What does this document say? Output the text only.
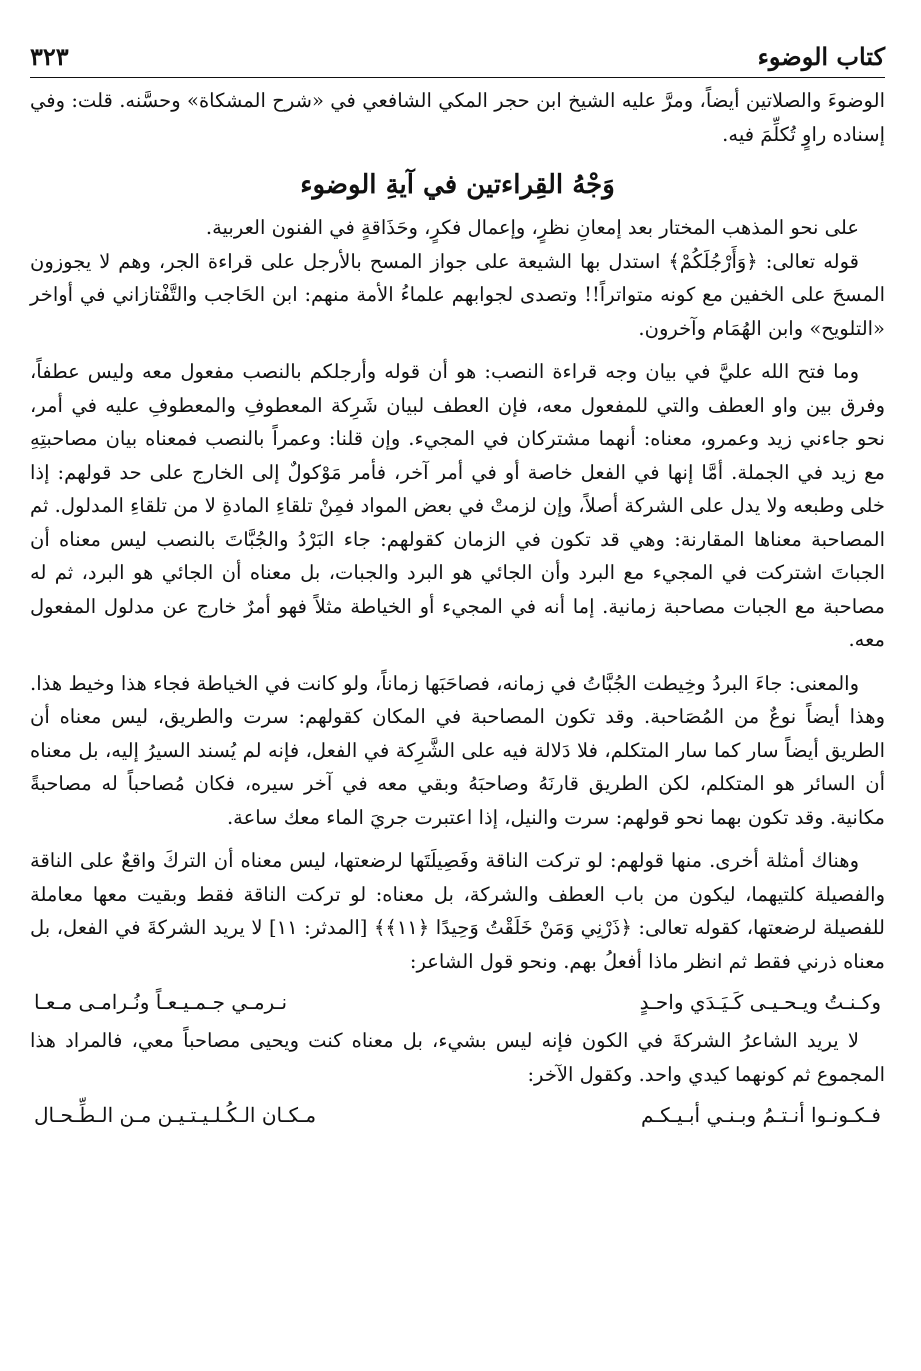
كتاب الوضوء
٣٢٣

الوضوءَ والصلاتين أيضاً، ومرَّ عليه الشيخ ابن حجر المكي الشافعي في «شرح المشكاة» وحسَّنه. قلت: وفي إسناده راوٍ تُكلِّمَ فيه.

وَجْهُ القِراءتين في آيةِ الوضوء

على نحو المذهب المختار بعد إمعانِ نظرٍ، وإعمال فكرٍ، وحَذَاقةٍ في الفنون العربية.

قوله تعالى: ﴿وَأَرْجُلَكُمْ﴾ استدل بها الشيعة على جواز المسح بالأرجل على قراءة الجر، وهم لا يجوزون المسحَ على الخفين مع كونه متواتراً!! وتصدى لجوابهم علماءُ الأمة منهم: ابن الحَاجب والتَّفْتازاني في أواخر «التلويح» وابن الهُمَام وآخرون.

وما فتح الله عليَّ في بيان وجه قراءة النصب: هو أن قوله وأرجلكم بالنصب مفعول معه وليس عطفاً، وفرق بين واو العطف والتي للمفعول معه، فإن العطف لبيان شَرِكة المعطوفِ والمعطوفِ عليه في أمر، نحو جاءني زيد وعمرو، معناه: أنهما مشتركان في المجيء. وإن قلنا: وعمراً بالنصب فمعناه بيان مصاحبتِهِ مع زيد في الجملة. أمَّا إنها في الفعل خاصة أو في أمر آخر، فأمر مَوْكولٌ إلى الخارج على حد قولهم: إذا خلى وطبعه ولا يدل على الشركة أصلاً، وإن لزمتْ في بعض المواد فمِنْ تلقاءِ المادةِ لا من تلقاءِ المدلول. ثم المصاحبة معناها المقارنة: وهي قد تكون في الزمان كقولهم: جاء البَرْدُ والجُبَّاتَ بالنصب ليس معناه أن الجباتَ اشتركت في المجيء مع البرد وأن الجائي هو البرد والجبات، بل معناه أن الجائي هو البرد، ثم له مصاحبة مع الجبات مصاحبة زمانية. إما أنه في المجيء أو الخياطة مثلاً فهو أمرٌ خارج عن مدلول المفعول معه.

والمعنى: جاءَ البردُ وخِيطت الجُبَّاتُ في زمانه، فصاحَبَها زماناً، ولو كانت في الخياطة فجاء هذا وخيط هذا. وهذا أيضاً نوعٌ من المُصَاحبة. وقد تكون المصاحبة في المكان كقولهم: سرت والطريق، ليس معناه أن الطريق أيضاً سار كما سار المتكلم، فلا دَلالة فيه على الشَّرِكة في الفعل، فإنه لم يُسند السيرُ إليه، بل معناه أن السائر هو المتكلم، لكن الطريق قارنَهُ وصاحبَهُ وبقي معه في آخر سيره، فكان مُصاحباً له مصاحبةً مكانية. وقد تكون بهما نحو قولهم: سرت والنيل، إذا اعتبرت جريَ الماء معك ساعة.

وهناك أمثلة أخرى. منها قولهم: لو تركت الناقة وفَصِيلَتَها لرضعتها، ليس معناه أن التركَ واقعٌ على الناقة والفصيلة كلتيهما، ليكون من باب العطف والشركة، بل معناه: لو تركت الناقة فقط وبقيت معها معاملة للفصيلة لرضعتها، كقوله تعالى: ﴿ذَرْنِي وَمَنْ خَلَقْتُ وَحِيدًا ﴿١١﴾﴾ [المدثر: ١١] لا يريد الشركةَ في الفعل، بل معناه ذرني فقط ثم انظر ماذا أفعلُ بهم. ونحو قول الشاعر:

وكـنـتُ ويـحـيـى كَـيَـدَي واحـدٍ
نـرمـي جـمـيـعـاً ونُـرامـى مـعـا

لا يريد الشاعرُ الشركةَ في الكون فإنه ليس بشيء، بل معناه كنت ويحيى مصاحباً معي، فالمراد هذا المجموع ثم كونهما كيدي واحد. وكقول الآخر:

فـكـونـوا أنـتـمُ وبـنـي أبـيـكـم
مـكـان الـكُـلـيـتـيـن مـن الـطِّـحـال
